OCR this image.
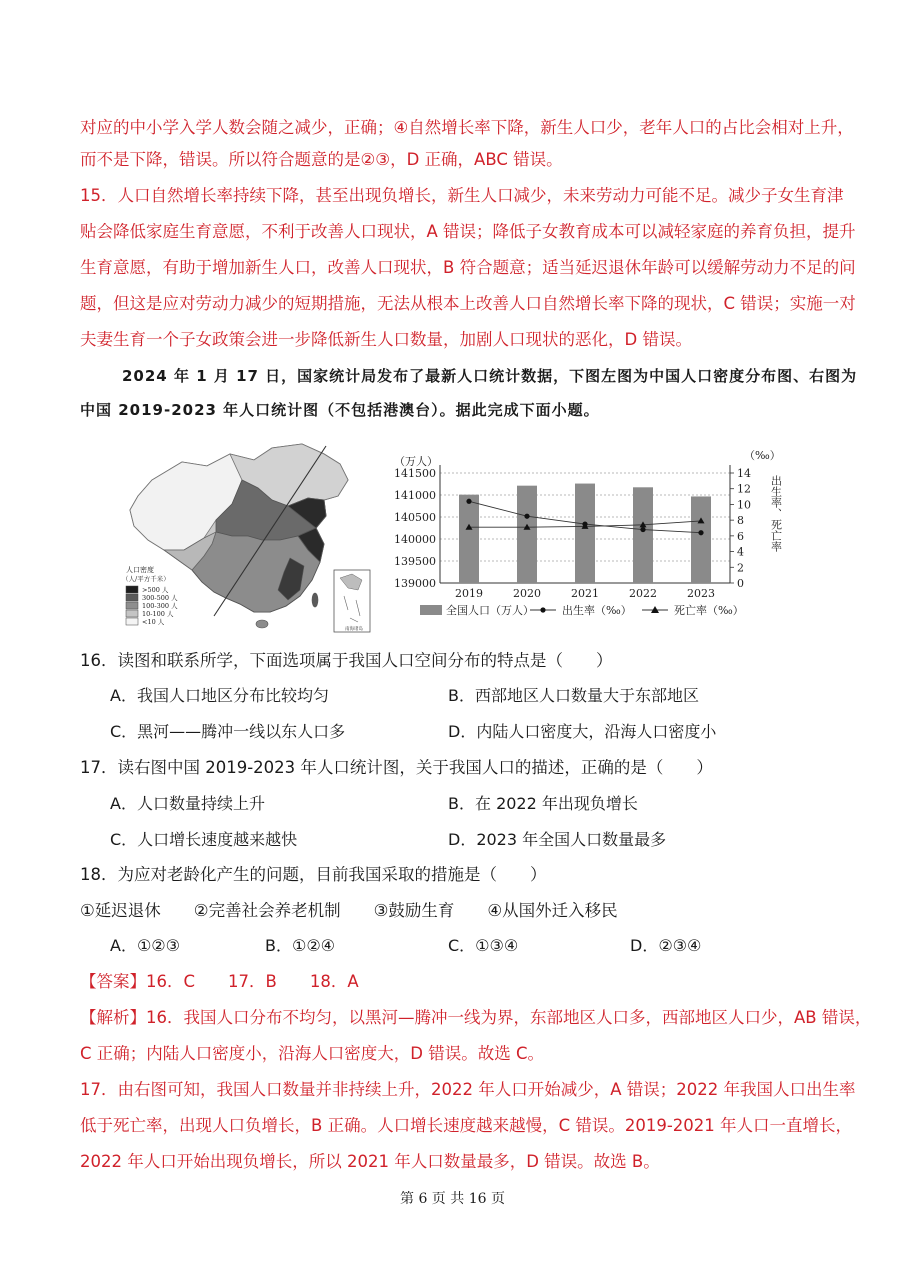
对应的中小学入学人数会随之减少，正确；④自然增长率下降，新生人口少，老年人口的占比会相对上升，
而不是下降，错误。所以符合题意的是②③，D 正确，ABC 错误。
15．人口自然增长率持续下降，甚至出现负增长，新生人口减少，未来劳动力可能不足。减少子女生育津
贴会降低家庭生育意愿，不利于改善人口现状，A 错误；降低子女教育成本可以减轻家庭的养育负担，提升
生育意愿，有助于增加新生人口，改善人口现状，B 符合题意；适当延迟退休年龄可以缓解劳动力不足的问
题，但这是应对劳动力减少的短期措施，无法从根本上改善人口自然增长率下降的现状，C 错误；实施一对
夫妻生育一个子女政策会进一步降低新生人口数量，加剧人口现状的恶化，D 错误。
2024 年 1 月 17 日，国家统计局发布了最新人口统计数据，下图左图为中国人口密度分布图、右图为
中国 2019-2023 年人口统计图（不包括港澳台）。据此完成下面小题。
人口密度
（人/平方千米）
>500 人
300-500 人
100-300 人
10-100 人
<10 人
南海诸岛
141500
141000
140500
140000
139500
139000
14
12
10
8
6
4
2
0
（万人）	（‰）
出生率、死亡率
2019	2020	2021	2022	2023
全国人口（万人）	出生率（‰）	死亡率（‰）
16．读图和联系所学，下面选项属于我国人口空间分布的特点是（　　）
A．我国人口地区分布比较均匀	B．西部地区人口数量大于东部地区
C．黑河——腾冲一线以东人口多	D．内陆人口密度大，沿海人口密度小
17．读右图中国 2019-2023 年人口统计图，关于我国人口的描述，正确的是（　　）
A．人口数量持续上升	B．在 2022 年出现负增长
C．人口增长速度越来越快	D．2023 年全国人口数量最多
18．为应对老龄化产生的问题，目前我国采取的措施是（　　）
①延迟退休　　②完善社会养老机制　　③鼓励生育　　④从国外迁入移民
A．①②③	B．①②④	C．①③④	D．②③④
【答案】16．C　　17．B　　18．A
【解析】16．我国人口分布不均匀，以黑河—腾冲一线为界，东部地区人口多，西部地区人口少，AB 错误，
C 正确；内陆人口密度小，沿海人口密度大，D 错误。故选 C。
17．由右图可知，我国人口数量并非持续上升，2022 年人口开始减少，A 错误；2022 年我国人口出生率
低于死亡率，出现人口负增长，B 正确。人口增长速度越来越慢，C 错误。2019-2021 年人口一直增长，
2022 年人口开始出现负增长，所以 2021 年人口数量最多，D 错误。故选 B。
第 6 页 共 16 页
